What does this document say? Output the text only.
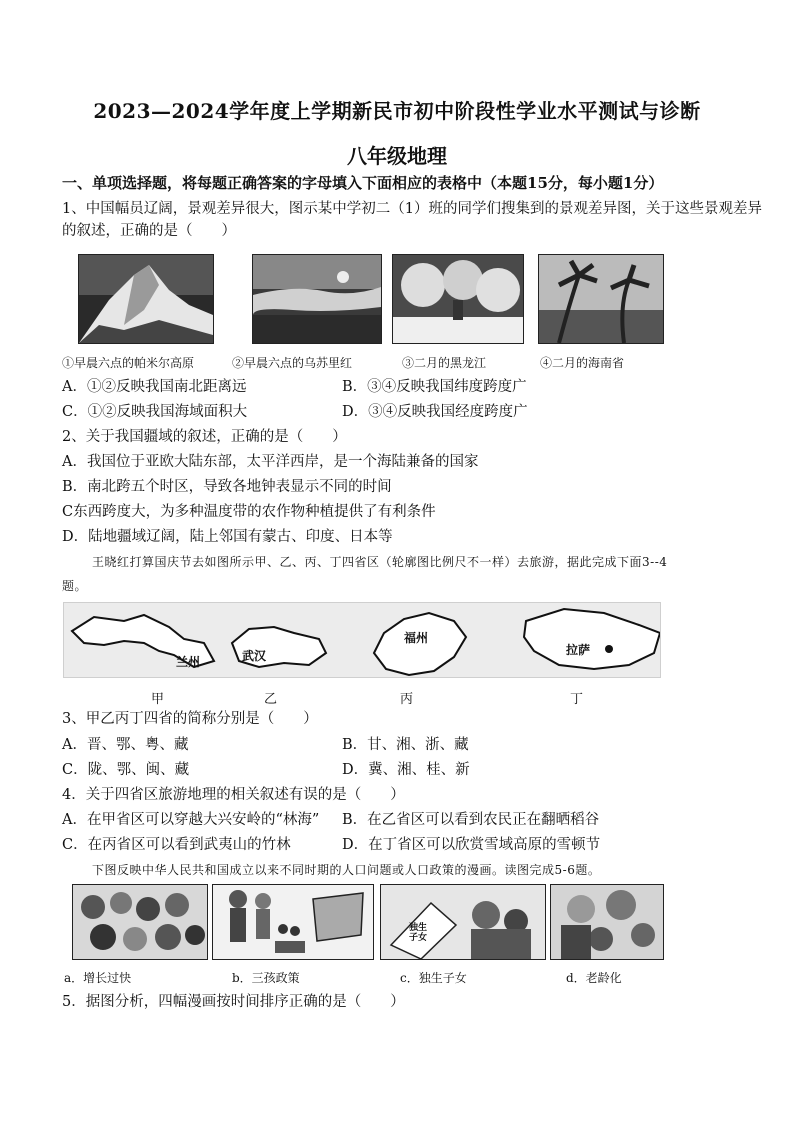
2023—2024学年度上学期新民市初中阶段性学业水平测试与诊断
八年级地理
一、单项选择题，将每题正确答案的字母填入下面相应的表格中（本题15分，每小题1分）
1、中国幅员辽阔，景观差异很大，图示某中学初二（1）班的同学们搜集到的景观差异图，关于这些景观差异
的叙述，正确的是（　　）
①早晨六点的帕米尔高原	②早晨六点的乌苏里红	③二月的黑龙江	④二月的海南省
A．①②反映我国南北距离远	B．③④反映我国纬度跨度广
C．①②反映我国海域面积大	D．③④反映我国经度跨度广
2、关于我国疆域的叙述，正确的是（　　）
A．我国位于亚欧大陆东部，太平洋西岸，是一个海陆兼备的国家
B．南北跨五个时区，导致各地钟表显示不同的时间
C东西跨度大，为多种温度带的农作物种植提供了有利条件
D．陆地疆域辽阔，陆上邻国有蒙古、印度、日本等
王晓红打算国庆节去如图所示甲、乙、丙、丁四省区（轮廓图比例尺不一样）去旅游，据此完成下面3--4
题。
兰州	武汉
福州
拉萨
甲	乙	丙	丁
3、甲乙丙丁四省的简称分别是（　　）
A．晋、鄂、粤、藏	B．甘、湘、浙、藏
C．陇、鄂、闽、藏	D．冀、湘、桂、新
4．关于四省区旅游地理的相关叙述有误的是（　　）
A．在甲省区可以穿越大兴安岭的“林海” B．在乙省区可以看到农民正在翻晒稻谷
C．在丙省区可以看到武夷山的竹林	D．在丁省区可以欣赏雪域高原的雪顿节
下图反映中华人民共和国成立以来不同时期的人口问题或人口政策的漫画。读图完成5-6题。
独生子女
a．增长过快	b．三孩政策	c．独生子女	d．老龄化
5．据图分析，四幅漫画按时间排序正确的是（　　）
